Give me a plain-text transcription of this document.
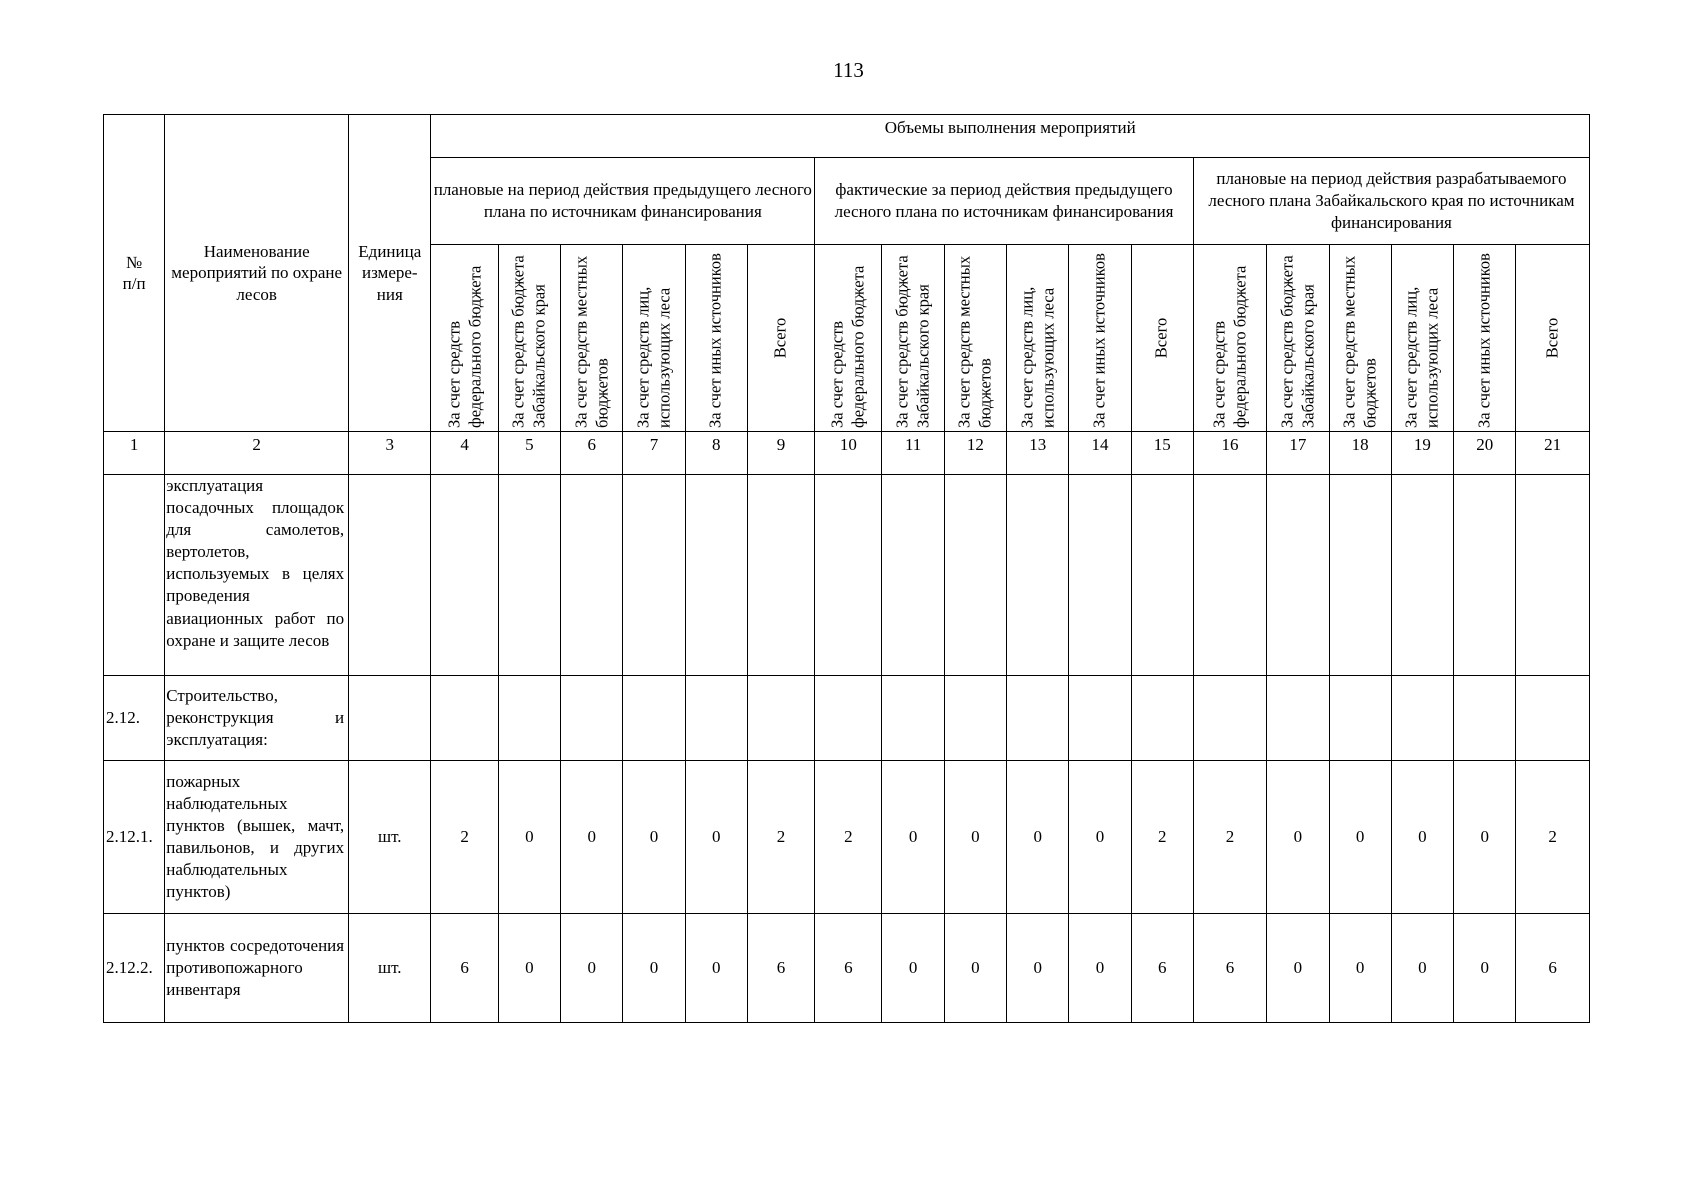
113
№
п/п	Наименование мероприятий по охране лесов	Единица измере-ния	Объемы выполнения мероприятий																	

			плановые на период действия предыдущего лесного плана по источникам финансирования						фактические за период действия предыдущего лесного плана по источникам финансирования						плановые на период действия разрабатываемого лесного плана Забайкальского края по источникам финансирования					

			За счет средств федерального бюджета	За счет средств бюджета Забайкальского края	За счет средств местных бюджетов	За счет средств лиц, использующих леса	За счет иных источников	Всего	За счет средств федерального бюджета	За счет средств бюджета Забайкальского края	За счет средств местных бюджетов	За счет средств лиц, использующих леса	За счет иных источников	Всего	За счет средств федерального бюджета	За счет средств бюджета Забайкальского края	За счет средств местных бюджетов	За счет средств лиц, использующих леса	За счет иных источников	Всего

1	2	3	4	5	6	7	8	9	10	11	12	13	14	15	16	17	18	19	20	21
	эксплуатация посадочных площадок для самолетов, вертолетов, используемых в целях проведения авиационных работ по охране и защите лесов																			
2.12.	Строительство, реконструкция и эксплуатация:																			
2.12.1.	пожарных наблюдательных пунктов (вышек, мачт, павильонов, и других наблюдательных пунктов)	шт.	2	0	0	0	0	2	2	0	0	0	0	2	2	0	0	0	0	2
2.12.2.	пунктов сосредоточения противопожарного инвентаря	шт.	6	0	0	0	0	6	6	0	0	0	0	6	6	0	0	0	0	6
